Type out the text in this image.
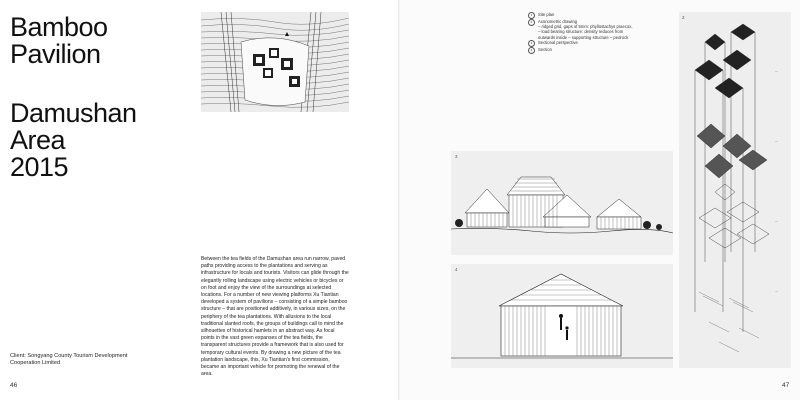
Bamboo
Pavilion
Damushan
Area
2015
Between the tea fields of the Damushan area run narrow, paved paths providing access to the plantations and serving as infrastructure for locals and tourists. Visitors can glide through the elegantly rolling landscape using electric vehicles or bicycles or on foot and enjoy the view of the surroundings at selected locations. For a number of new viewing platforms Xu Tiantian developed a system of pavilions – consisting of a simple bamboo structure – that are positioned additively, in various sizes, on the periphery of the tea plantations. With allusions to the local traditional slanted roofs, the groups of buildings call to mind the silhouettes of historical hamlets in an abstract way. As focal points in the vast green expanses of the tea fields, the transparent structures provide a framework that is also used for temporary cultural events. By drawing a new picture of the tea plantation landscape, this, Xu Tiantian's first commission, became an important vehicle for promoting the renewal of the area.
Client: Songyang County Tourism Development Cooperation Limited
46
1	Site plan
2	Axonometric drawing
– ridged grid, gaps of 5mm: phyllostachys praecox,
– load bearing structure: density reduces from
outwards inside – supporting structure – pedrock
3	Sectional perspective
4	Section
3
4
2
—
—
—
—
47
